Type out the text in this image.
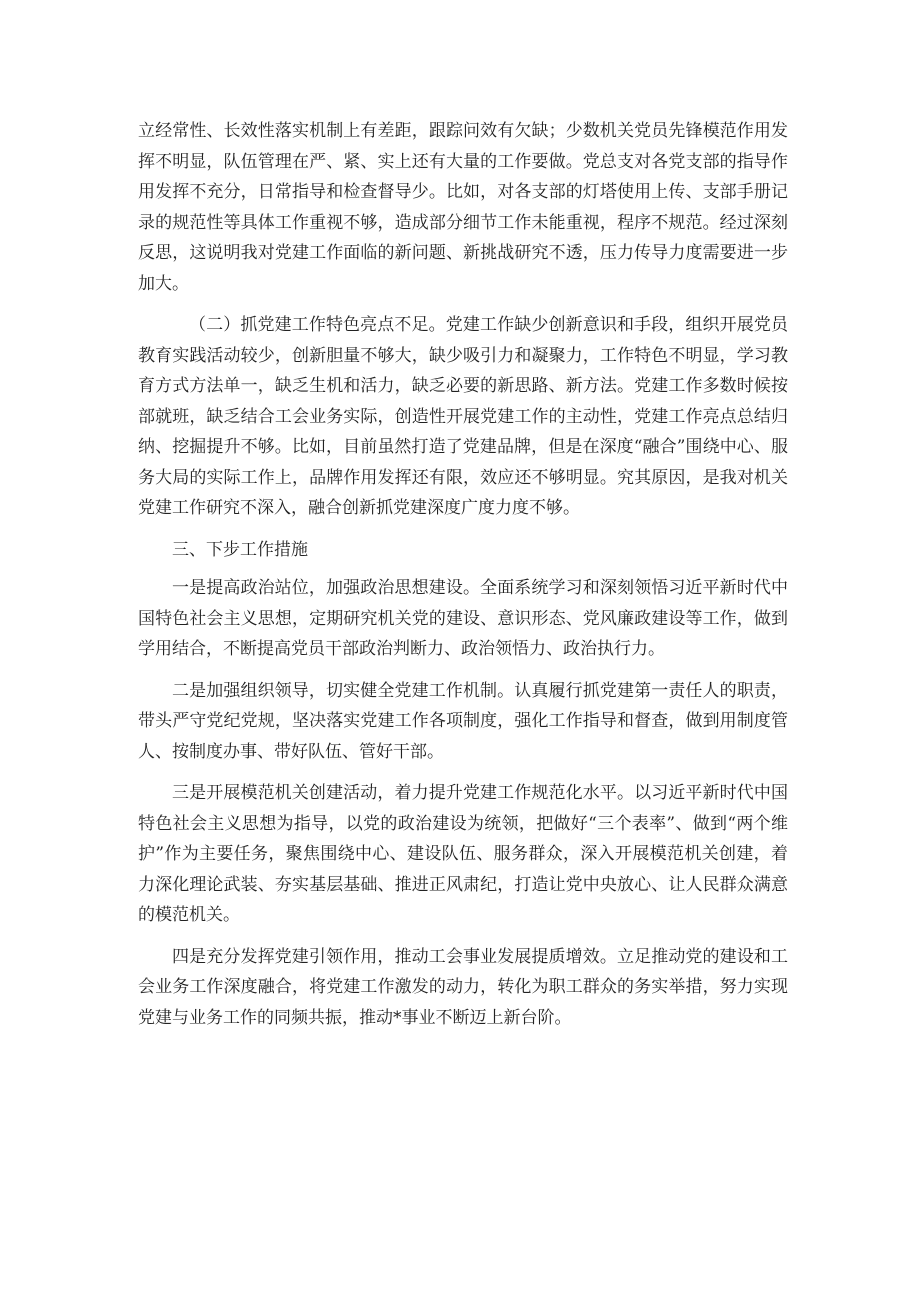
立经常性、长效性落实机制上有差距，跟踪问效有欠缺；少数机关党员先锋模范作用发挥不明显，队伍管理在严、紧、实上还有大量的工作要做。党总支对各党支部的指导作用发挥不充分，日常指导和检查督导少。比如，对各支部的灯塔使用上传、支部手册记录的规范性等具体工作重视不够，造成部分细节工作未能重视，程序不规范。经过深刻反思，这说明我对党建工作面临的新问题、新挑战研究不透，压力传导力度需要进一步加大。

（二）抓党建工作特色亮点不足。党建工作缺少创新意识和手段，组织开展党员教育实践活动较少，创新胆量不够大，缺少吸引力和凝聚力，工作特色不明显，学习教育方式方法单一，缺乏生机和活力，缺乏必要的新思路、新方法。党建工作多数时候按部就班，缺乏结合工会业务实际，创造性开展党建工作的主动性，党建工作亮点总结归纳、挖掘提升不够。比如，目前虽然打造了党建品牌，但是在深度“融合”围绕中心、服务大局的实际工作上，品牌作用发挥还有限，效应还不够明显。究其原因，是我对机关党建工作研究不深入，融合创新抓党建深度广度力度不够。

三、下步工作措施

一是提高政治站位，加强政治思想建设。全面系统学习和深刻领悟习近平新时代中国特色社会主义思想，定期研究机关党的建设、意识形态、党风廉政建设等工作，做到学用结合，不断提高党员干部政治判断力、政治领悟力、政治执行力。

二是加强组织领导，切实健全党建工作机制。认真履行抓党建第一责任人的职责，带头严守党纪党规，坚决落实党建工作各项制度，强化工作指导和督查，做到用制度管人、按制度办事、带好队伍、管好干部。

三是开展模范机关创建活动，着力提升党建工作规范化水平。以习近平新时代中国特色社会主义思想为指导，以党的政治建设为统领，把做好“三个表率”、做到“两个维护”作为主要任务，聚焦围绕中心、建设队伍、服务群众，深入开展模范机关创建，着力深化理论武装、夯实基层基础、推进正风肃纪，打造让党中央放心、让人民群众满意的模范机关。

四是充分发挥党建引领作用，推动工会事业发展提质增效。立足推动党的建设和工会业务工作深度融合，将党建工作激发的动力，转化为职工群众的务实举措，努力实现党建与业务工作的同频共振，推动*事业不断迈上新台阶。
